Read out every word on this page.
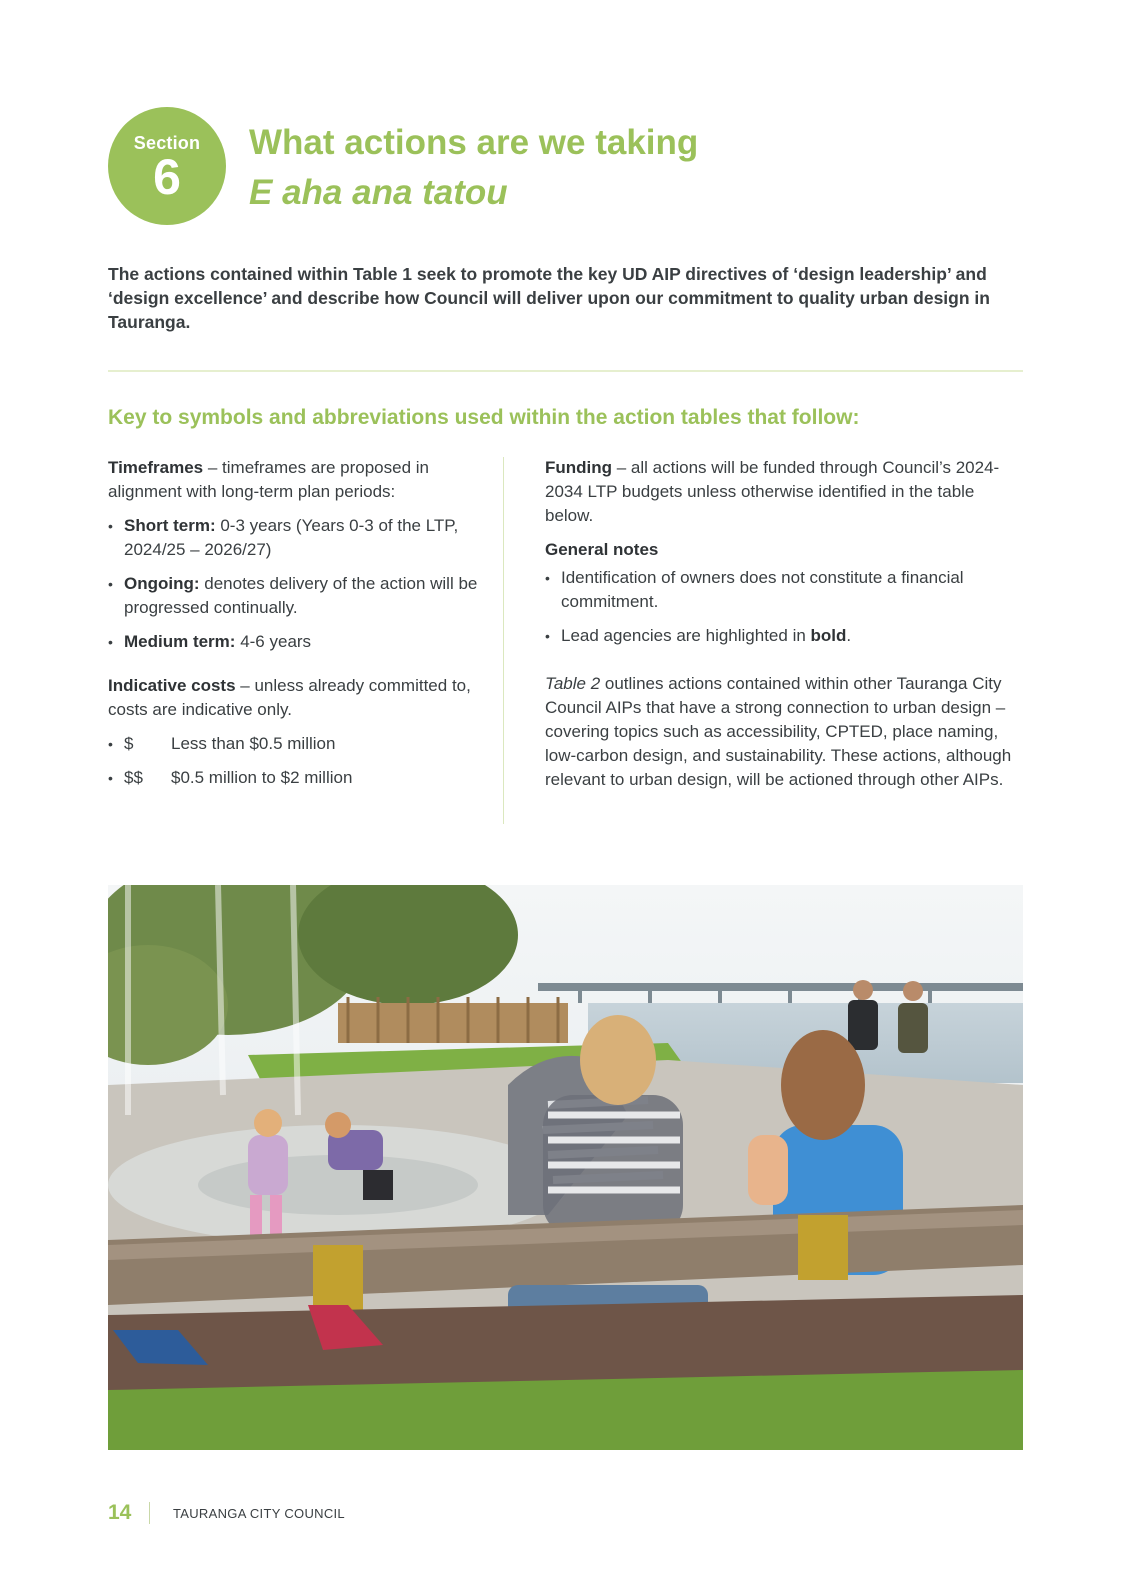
Section
6
What actions are we taking
E aha ana tatou

The actions contained within Table 1 seek to promote the key UD AIP directives of ‘design leadership’ and ‘design excellence’ and describe how Council will deliver upon our commitment to quality urban design in Tauranga.

Key to symbols and abbreviations used within the action tables that follow:

Timeframes – timeframes are proposed in alignment with long-term plan periods:

• Short term: 0-3 years (Years 0-3 of the LTP, 2024/25 – 2026/27)
• Ongoing: denotes delivery of the action will be progressed continually.
• Medium term: 4-6 years

Indicative costs – unless already committed to, costs are indicative only.

• $ Less than $0.5 million
• $$ $0.5 million to $2 million

Funding – all actions will be funded through Council’s 2024-2034 LTP budgets unless otherwise identified in the table below.

General notes

• Identification of owners does not constitute a financial commitment.
• Lead agencies are highlighted in bold.

Table 2 outlines actions contained within other Tauranga City Council AIPs that have a strong connection to urban design – covering topics such as accessibility, CPTED, place naming, low-carbon design, and sustainability. These actions, although relevant to urban design, will be actioned through other AIPs.

14	TAURANGA CITY COUNCIL
